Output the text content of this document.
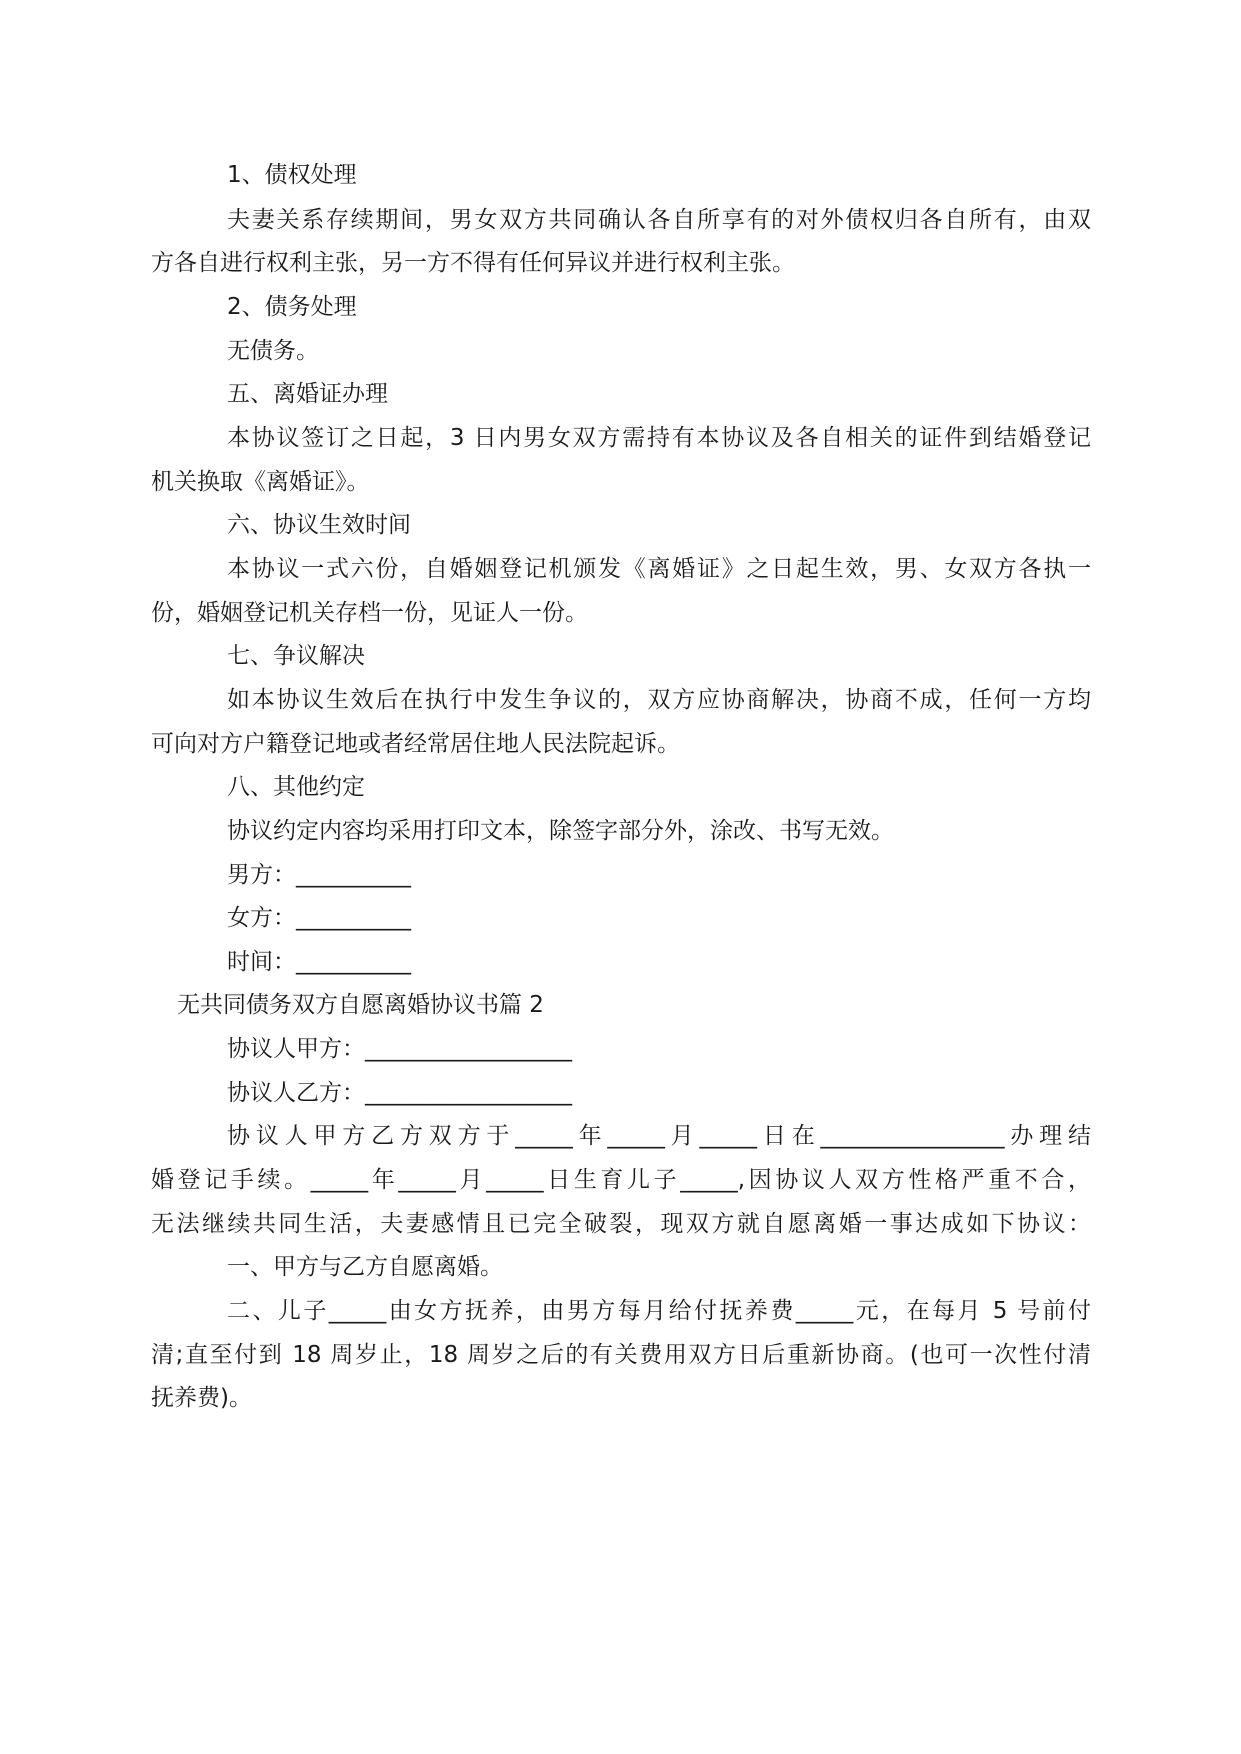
1、债权处理
夫妻关系存续期间，男女双方共同确认各自所享有的对外债权归各自所有，由双
方各自进行权利主张，另一方不得有任何异议并进行权利主张。
2、债务处理
无债务。
五、离婚证办理
本协议签订之日起，3 日内男女双方需持有本协议及各自相关的证件到结婚登记
机关换取《离婚证》。
六、协议生效时间
本协议一式六份，自婚姻登记机颁发《离婚证》之日起生效，男、女双方各执一
份，婚姻登记机关存档一份，见证人一份。
七、争议解决
如本协议生效后在执行中发生争议的，双方应协商解决，协商不成，任何一方均
可向对方户籍登记地或者经常居住地人民法院起诉。
八、其他约定
协议约定内容均采用打印文本，除签字部分外，涂改、书写无效。
男方：__________
女方：__________
时间：__________
无共同债务双方自愿离婚协议书篇 2
协议人甲方：__________________
协议人乙方：__________________
协议人甲方乙方双方于_____年_____月_____日在________________办理结
婚登记手续。_____年_____月_____日生育儿子_____,因协议人双方性格严重不合，
无法继续共同生活，夫妻感情且已完全破裂，现双方就自愿离婚一事达成如下协议：
一、甲方与乙方自愿离婚。
二、儿子_____由女方抚养，由男方每月给付抚养费_____元，在每月 5 号前付
清;直至付到 18 周岁止，18 周岁之后的有关费用双方日后重新协商。(也可一次性付清
抚养费)。
